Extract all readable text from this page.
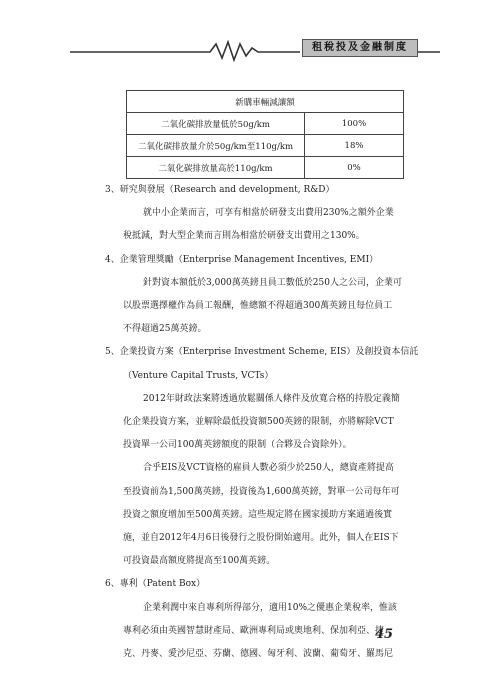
租稅投及金融制度
新購車輛減讓額	
二氧化碳排放量低於50g/km	100%
二氧化碳排放量介於50g/km至110g/km	18%
二氧化碳排放量高於110g/km	0%

3、研究與發展（Research and development, R&D）

就中小企業而言，可享有相當於研發支出費用230%之額外企業

稅抵減，對大型企業而言則為相當於研發支出費用之130%。

4、企業管理獎勵（Enterprise Management Incentives, EMI）

針對資本額低於3,000萬英鎊且員工數低於250人之公司，企業可

以股票選擇權作為員工報酬，惟總額不得超過300萬英鎊且每位員工

不得超過25萬英鎊。

5、企業投資方案（Enterprise Investment Scheme, EIS）及創投資本信託

（Venture Capital Trusts, VCTs）

2012年財政法案將透過放鬆關係人條件及放寬合格的持股定義簡

化企業投資方案，並解除最低投資額500英鎊的限制，亦將解除VCT

投資單一公司100萬英鎊額度的限制（合夥及合資除外）。

合乎EIS及VCT資格的雇員人數必須少於250人，總資產將提高

至投資前為1,500萬英鎊，投資後為1,600萬英鎊，對單一公司每年可

投資之額度增加至500萬英鎊。這些規定將在國家援助方案通過後實

施，並自2012年4月6日後發行之股份開始適用。此外，個人在EIS下

可投資最高額度將提高至100萬英鎊。

6、專利（Patent Box）

企業利潤中來自專利所得部分，適用10%之優惠企業稅率，惟該

專利必須由英國智慧財產局、歐洲專利局或奧地利、保加利亞、捷

克、丹麥、愛沙尼亞、芬蘭、德國、匈牙利、波蘭、葡萄牙、羅馬尼

45
